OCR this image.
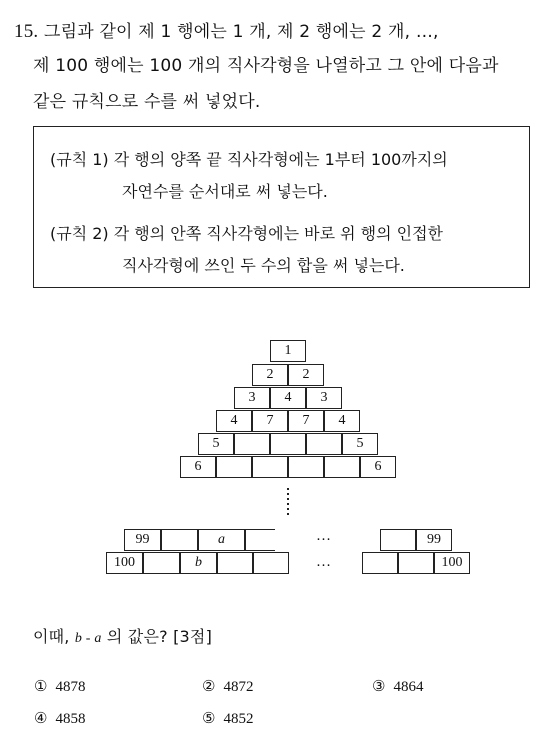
15. 그림과 같이 제 1 행에는 1 개, 제 2 행에는 2 개, …,
제 100 행에는 100 개의 직사각형을 나열하고 그 안에 다음과
같은 규칙으로 수를 써 넣었다.
(규칙 1) 각 행의 양쪽 끝 직사각형에는 1부터 100까지의
자연수를 순서대로 써 넣는다.
(규칙 2) 각 행의 안쪽 직사각형에는 바로 위 행의 인접한
직사각형에 쓰인 두 수의 합을 써 넣는다.
1
2	2
3	4	3
4	7	7	4
5	5
6	6
99	a
100	b
…
…
99
100
이때, b - a 의 값은? [3점]
① 4878	② 4872	③ 4864
④ 4858	⑤ 4852
